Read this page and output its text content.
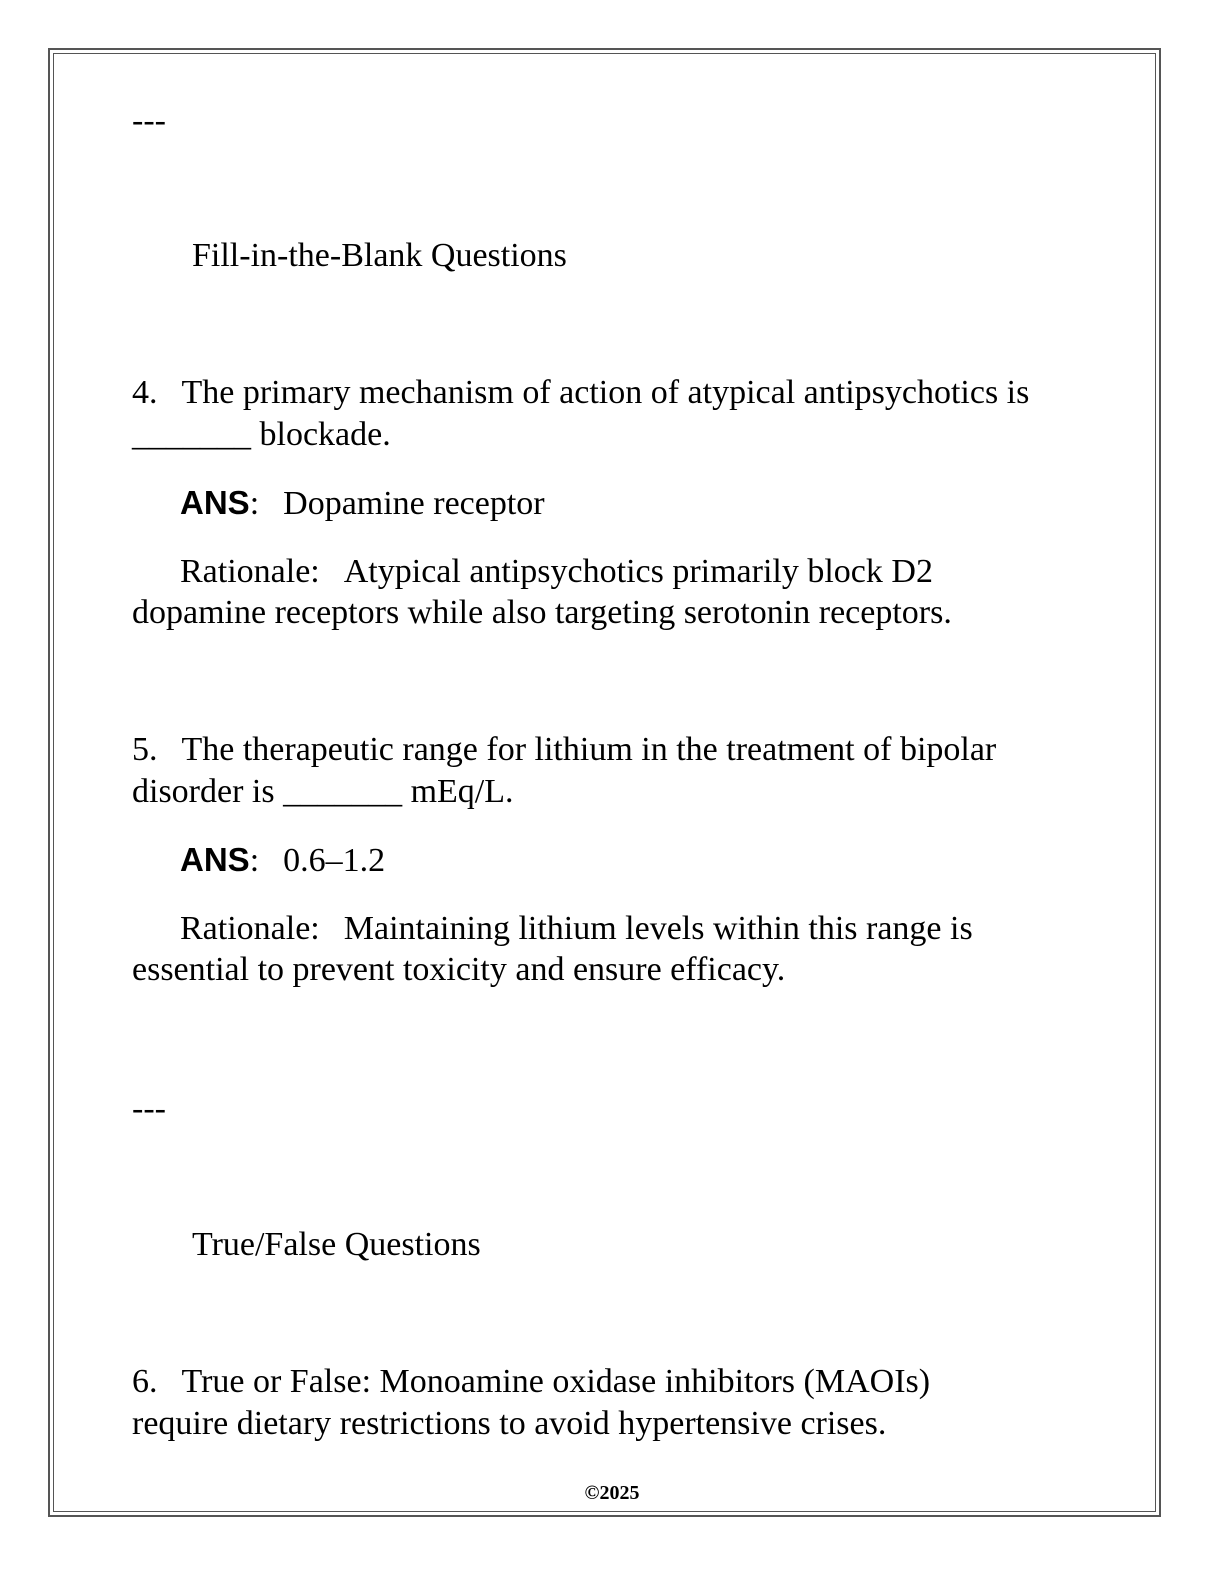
---
Fill-in-the-Blank Questions
4. The primary mechanism of action of atypical antipsychotics is
_______ blockade.
ANS: Dopamine receptor
Rationale: Atypical antipsychotics primarily block D2
dopamine receptors while also targeting serotonin receptors.
5. The therapeutic range for lithium in the treatment of bipolar
disorder is _______ mEq/L.
ANS: 0.6–1.2
Rationale: Maintaining lithium levels within this range is
essential to prevent toxicity and ensure efficacy.
---
True/False Questions
6. True or False: Monoamine oxidase inhibitors (MAOIs)
require dietary restrictions to avoid hypertensive crises.
©2025
